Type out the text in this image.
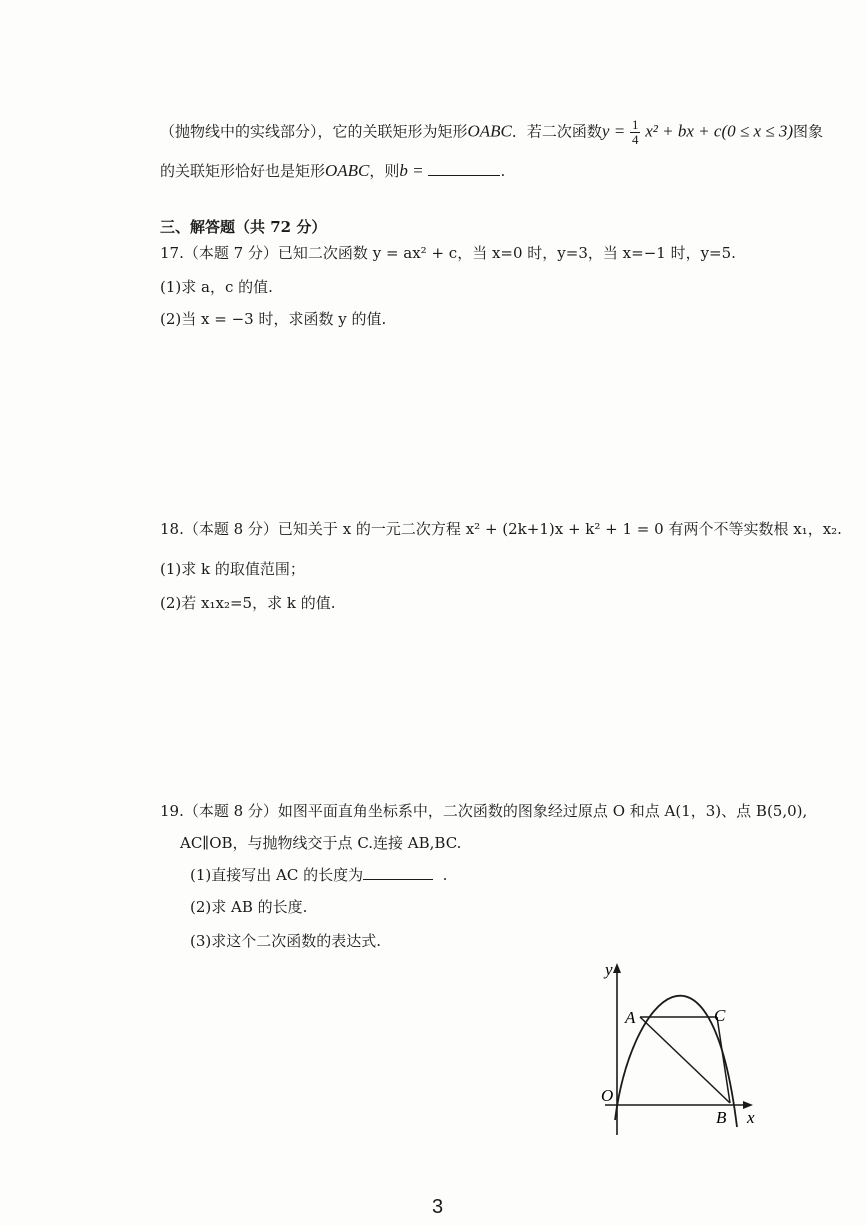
（抛物线中的实线部分），它的关联矩形为矩形OABC．若二次函数$y = \frac{1}{4} x^2$ + bx + c(0 ≤ x ≤ 3)图象
的关联矩形恰好也是矩形OABC，则b =	.
三、解答题（共 72 分）
17.（本题 7 分）已知二次函数 y = ax² + c，当 x=0 时，y=3，当 x=−1 时，y=5.
(1)求 a，c 的值.
(2)当 x = −3 时，求函数 y 的值.
18.（本题 8 分）已知关于 x 的一元二次方程 x² + (2k+1)x + k² + 1 = 0 有两个不等实数根 x₁，x₂.
(1)求 k 的取值范围；
(2)若 x₁x₂=5，求 k 的值.
19.（本题 8 分）如图平面直角坐标系中，二次函数的图象经过原点 O 和点 A(1，3)、点 B(5,0),
AC∥OB，与抛物线交于点 C.连接 AB,BC.
(1)直接写出 AC 的长度为	.
(2)求 AB 的长度.
(3)求这个二次函数的表达式.
y
x
O
A
B
C
3
